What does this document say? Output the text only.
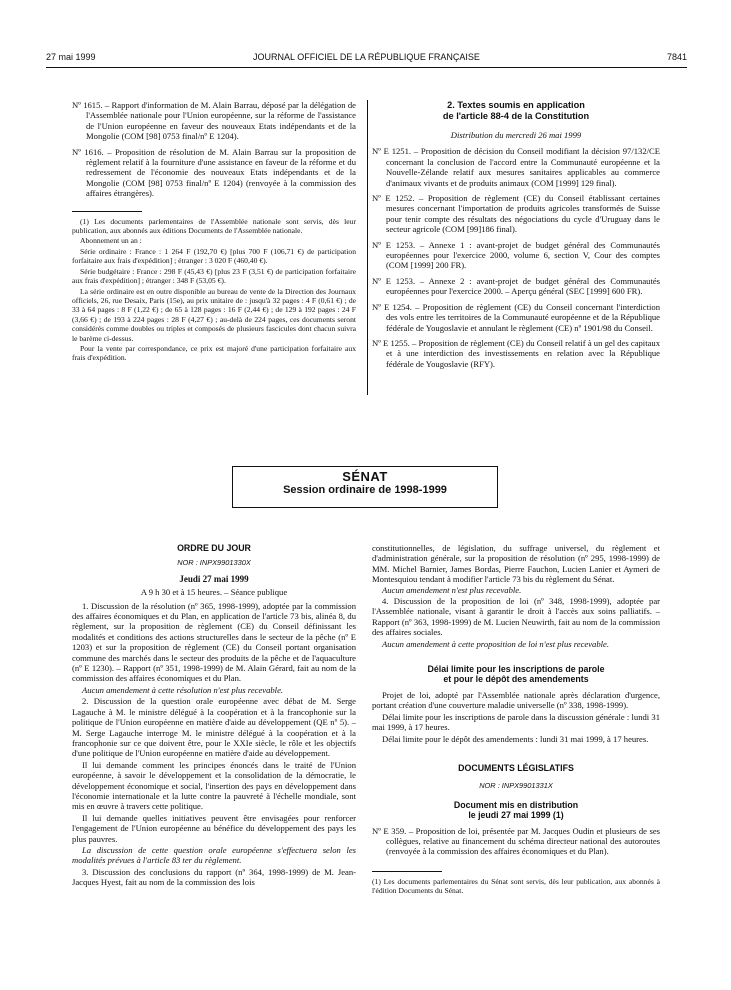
27 mai 1999	JOURNAL OFFICIEL DE LA RÉPUBLIQUE FRANÇAISE	7841

Nº 1615. – Rapport d'information de M. Alain Barrau, déposé par la délégation de l'Assemblée nationale pour l'Union européenne, sur la réforme de l'assistance de l'Union européenne en faveur des nouveaux Etats indépendants et de la Mongolie (COM [98] 0753 final/nº E 1204).

Nº 1616. – Proposition de résolution de M. Alain Barrau sur la proposition de règlement relatif à la fourniture d'une assistance en faveur de la réforme et du redressement de l'économie des nouveaux Etats indépendants et de la Mongolie (COM [98] 0753 final/nº E 1204) (renvoyée à la commission des affaires étrangères).

(1) Les documents parlementaires de l'Assemblée nationale sont servis, dès leur publication, aux abonnés aux éditions Documents de l'Assemblée nationale.

Abonnement un an :

Série ordinaire : France : 1 264 F (192,70 €) [plus 700 F (106,71 €) de participation forfaitaire aux frais d'expédition] ; étranger : 3 020 F (460,40 €).

Série budgétaire : France : 298 F (45,43 €) [plus 23 F (3,51 €) de participation forfaitaire aux frais d'expédition] ; étranger : 348 F (53,05 €).

La série ordinaire est en outre disponible au bureau de vente de la Direction des Journaux officiels, 26, rue Desaix, Paris (15e), au prix unitaire de : jusqu'à 32 pages : 4 F (0,61 €) ; de 33 à 64 pages : 8 F (1,22 €) ; de 65 à 128 pages : 16 F (2,44 €) ; de 129 à 192 pages : 24 F (3,66 €) ; de 193 à 224 pages : 28 F (4,27 €) ; au-delà de 224 pages, ces documents seront considérés comme doubles ou triples et composés de plusieurs fascicules dont chacun suivra le barème ci-dessus.

Pour la vente par correspondance, ce prix est majoré d'une participation forfaitaire aux frais d'expédition.

2. Textes soumis en application

de l'article 88-4 de la Constitution

Distribution du mercredi 26 mai 1999

Nº E 1251. – Proposition de décision du Conseil modifiant la décision 97/132/CE concernant la conclusion de l'accord entre la Communauté européenne et la Nouvelle-Zélande relatif aux mesures sanitaires applicables au commerce d'animaux vivants et de produits animaux (COM [1999] 129 final).

Nº E 1252. – Proposition de règlement (CE) du Conseil établissant certaines mesures concernant l'importation de produits agricoles transformés de Suisse pour tenir compte des résultats des négociations du cycle d'Uruguay dans le secteur agricole (COM [99]186 final).

Nº E 1253. – Annexe 1 : avant-projet de budget général des Communautés européennes pour l'exercice 2000, volume 6, section V, Cour des comptes (COM [1999] 200 FR).

Nº E 1253. – Annexe 2 : avant-projet de budget général des Communautés européennes pour l'exercice 2000. – Aperçu général (SEC [1999] 600 FR).

Nº E 1254. – Proposition de règlement (CE) du Conseil concernant l'interdiction des vols entre les territoires de la Communauté européenne et de la République fédérale de Yougoslavie et annulant le règlement (CE) nº 1901/98 du Conseil.

Nº E 1255. – Proposition de règlement (CE) du Conseil relatif à un gel des capitaux et à une interdiction des investissements en relation avec la République fédérale de Yougoslavie (RFY).

SÉNAT
Session ordinaire de 1998-1999

ORDRE DU JOUR

NOR : INPX9901330X

Jeudi 27 mai 1999

A 9 h 30 et à 15 heures. – Séance publique

1. Discussion de la résolution (nº 365, 1998-1999), adoptée par la commission des affaires économiques et du Plan, en application de l'article 73 bis, alinéa 8, du règlement, sur la proposition de règlement (CE) du Conseil définissant les modalités et conditions des actions structurelles dans le secteur de la pêche (nº E 1203) et sur la proposition de règlement (CE) du Conseil portant organisation commune des marchés dans le secteur des produits de la pêche et de l'aquaculture (nº E 1230). – Rapport (nº 351, 1998-1999) de M. Alain Gérard, fait au nom de la commission des affaires économiques et du Plan.

Aucun amendement à cette résolution n'est plus recevable.

2. Discussion de la question orale européenne avec débat de M. Serge Lagauche à M. le ministre délégué à la coopération et à la francophonie sur la politique de l'Union européenne en matière d'aide au développement (QE nº 5). – M. Serge Lagauche interroge M. le ministre délégué à la coopération et à la francophonie sur ce que doivent être, pour le XXIe siècle, le rôle et les objectifs d'une politique de l'Union européenne en matière d'aide au développement.

Il lui demande comment les principes énoncés dans le traité de l'Union européenne, à savoir le développement et la consolidation de la démocratie, le développement économique et social, l'insertion des pays en développement dans l'économie internationale et la lutte contre la pauvreté à l'échelle mondiale, sont mis en œuvre à travers cette politique.

Il lui demande quelles initiatives peuvent être envisagées pour renforcer l'engagement de l'Union européenne au bénéfice du développement des pays les plus pauvres.

La discussion de cette question orale européenne s'effectuera selon les modalités prévues à l'article 83 ter du règlement.

3. Discussion des conclusions du rapport (nº 364, 1998-1999) de M. Jean-Jacques Hyest, fait au nom de la commission des lois

constitutionnelles, de législation, du suffrage universel, du règlement et d'administration générale, sur la proposition de résolution (nº 295, 1998-1999) de MM. Michel Barnier, James Bordas, Pierre Fauchon, Lucien Lanier et Aymeri de Montesquiou tendant à modifier l'article 73 bis du règlement du Sénat.

Aucun amendement n'est plus recevable.

4. Discussion de la proposition de loi (nº 348, 1998-1999), adoptée par l'Assemblée nationale, visant à garantir le droit à l'accès aux soins palliatifs. – Rapport (nº 363, 1998-1999) de M. Lucien Neuwirth, fait au nom de la commission des affaires sociales.

Aucun amendement à cette proposition de loi n'est plus recevable.

Délai limite pour les inscriptions de parole

et pour le dépôt des amendements

Projet de loi, adopté par l'Assemblée nationale après déclaration d'urgence, portant création d'une couverture maladie universelle (nº 338, 1998-1999).

Délai limite pour les inscriptions de parole dans la discussion générale : lundi 31 mai 1999, à 17 heures.

Délai limite pour le dépôt des amendements : lundi 31 mai 1999, à 17 heures.

DOCUMENTS LÉGISLATIFS

NOR : INPX9901331X

Document mis en distribution

le jeudi 27 mai 1999 (1)

Nº E 359. – Proposition de loi, présentée par M. Jacques Oudin et plusieurs de ses collègues, relative au financement du schéma directeur national des autoroutes (renvoyée à la commission des affaires économiques et du Plan).

(1) Les documents parlementaires du Sénat sont servis, dès leur publication, aux abonnés à l'édition Documents du Sénat.
